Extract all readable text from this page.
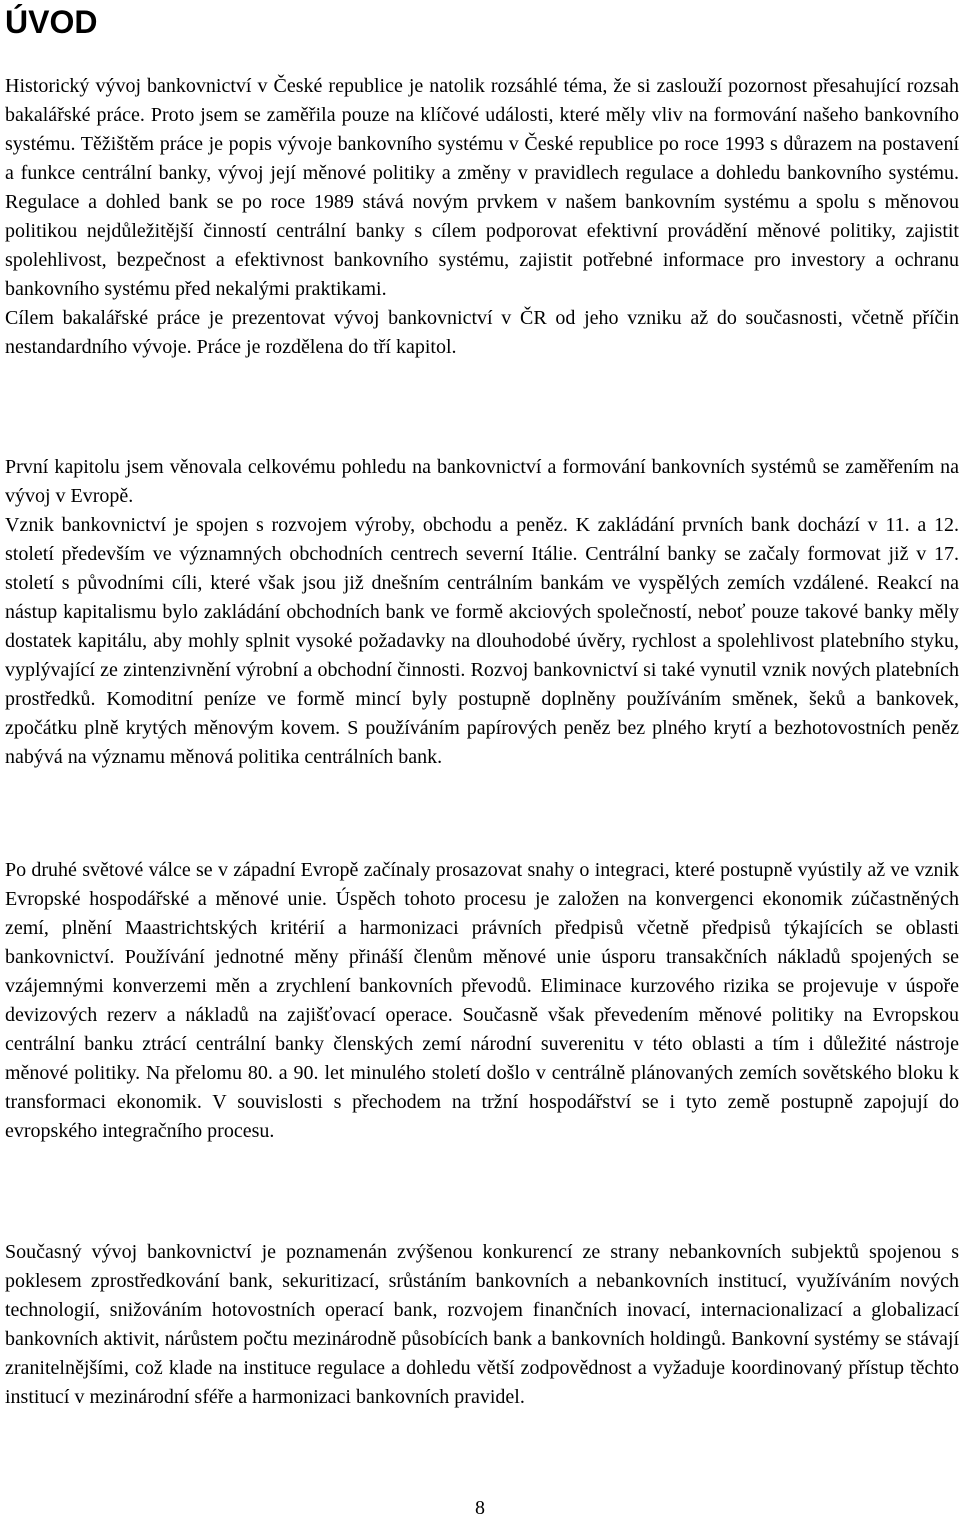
ÚVOD

Historický vývoj bankovnictví v České republice je natolik rozsáhlé téma, že si zaslouží pozornost přesahující rozsah bakalářské práce. Proto jsem se zaměřila pouze na klíčové události, které měly vliv na formování našeho bankovního systému. Těžištěm práce je popis vývoje bankovního systému v České republice po roce 1993 s důrazem na postavení a funkce centrální banky, vývoj její měnové politiky a změny v pravidlech regulace a dohledu bankovního systému. Regulace a dohled bank se po roce 1989 stává novým prvkem v našem bankovním systému a spolu s měnovou politikou nejdůležitější činností centrální banky s cílem podporovat efektivní provádění měnové politiky, zajistit spolehlivost, bezpečnost a efektivnost bankovního systému, zajistit potřebné informace pro investory a ochranu bankovního systému před nekalými praktikami.

Cílem bakalářské práce je prezentovat vývoj bankovnictví v ČR od jeho vzniku až do současnosti, včetně příčin nestandardního vývoje. Práce je rozdělena do tří kapitol.

První kapitolu jsem věnovala celkovému pohledu na bankovnictví a formování bankovních systémů se zaměřením na vývoj v Evropě.

Vznik bankovnictví je spojen s rozvojem výroby, obchodu a peněz. K zakládání prvních bank dochází v 11. a 12. století především ve významných obchodních centrech severní Itálie. Centrální banky se začaly formovat již v 17. století s původními cíli, které však jsou již dnešním centrálním bankám ve vyspělých zemích vzdálené. Reakcí na nástup kapitalismu bylo zakládání obchodních bank ve formě akciových společností, neboť pouze takové banky měly dostatek kapitálu, aby mohly splnit vysoké požadavky na dlouhodobé úvěry, rychlost a spolehlivost platebního styku, vyplývající ze zintenzivnění výrobní a obchodní činnosti. Rozvoj bankovnictví si také vynutil vznik nových platebních prostředků. Komoditní peníze ve formě mincí byly postupně doplněny používáním směnek, šeků a bankovek, zpočátku plně krytých měnovým kovem. S používáním papírových peněz bez plného krytí a bezhotovostních peněz nabývá na významu měnová politika centrálních bank.

Po druhé světové válce se v západní Evropě začínaly prosazovat snahy o integraci, které postupně vyústily až ve vznik Evropské hospodářské a měnové unie. Úspěch tohoto procesu je založen na konvergenci ekonomik zúčastněných zemí, plnění Maastrichtských kritérií a harmonizaci právních předpisů včetně předpisů týkajících se oblasti bankovnictví. Používání jednotné měny přináší členům měnové unie úsporu transakčních nákladů spojených se vzájemnými konverzemi měn a zrychlení bankovních převodů. Eliminace kurzového rizika se projevuje v úspoře devizových rezerv a nákladů na zajišťovací operace. Současně však převedením měnové politiky na Evropskou centrální banku ztrácí centrální banky členských zemí národní suverenitu v této oblasti a tím i důležité nástroje měnové politiky. Na přelomu 80. a 90. let minulého století došlo v centrálně plánovaných zemích sovětského bloku k transformaci ekonomik. V souvislosti s přechodem na tržní hospodářství se i tyto země postupně zapojují do evropského integračního procesu.

Současný vývoj bankovnictví je poznamenán zvýšenou konkurencí ze strany nebankovních subjektů spojenou s poklesem zprostředkování bank, sekuritizací, srůstáním bankovních a nebankovních institucí, využíváním nových technologií, snižováním hotovostních operací bank, rozvojem finančních inovací, internacionalizací a globalizací bankovních aktivit, nárůstem počtu mezinárodně působících bank a bankovních holdingů. Bankovní systémy se stávají zranitelnějšími, což klade na instituce regulace a dohledu větší zodpovědnost a vyžaduje koordinovaný přístup těchto institucí v mezinárodní sféře a harmonizaci bankovních pravidel.

8
